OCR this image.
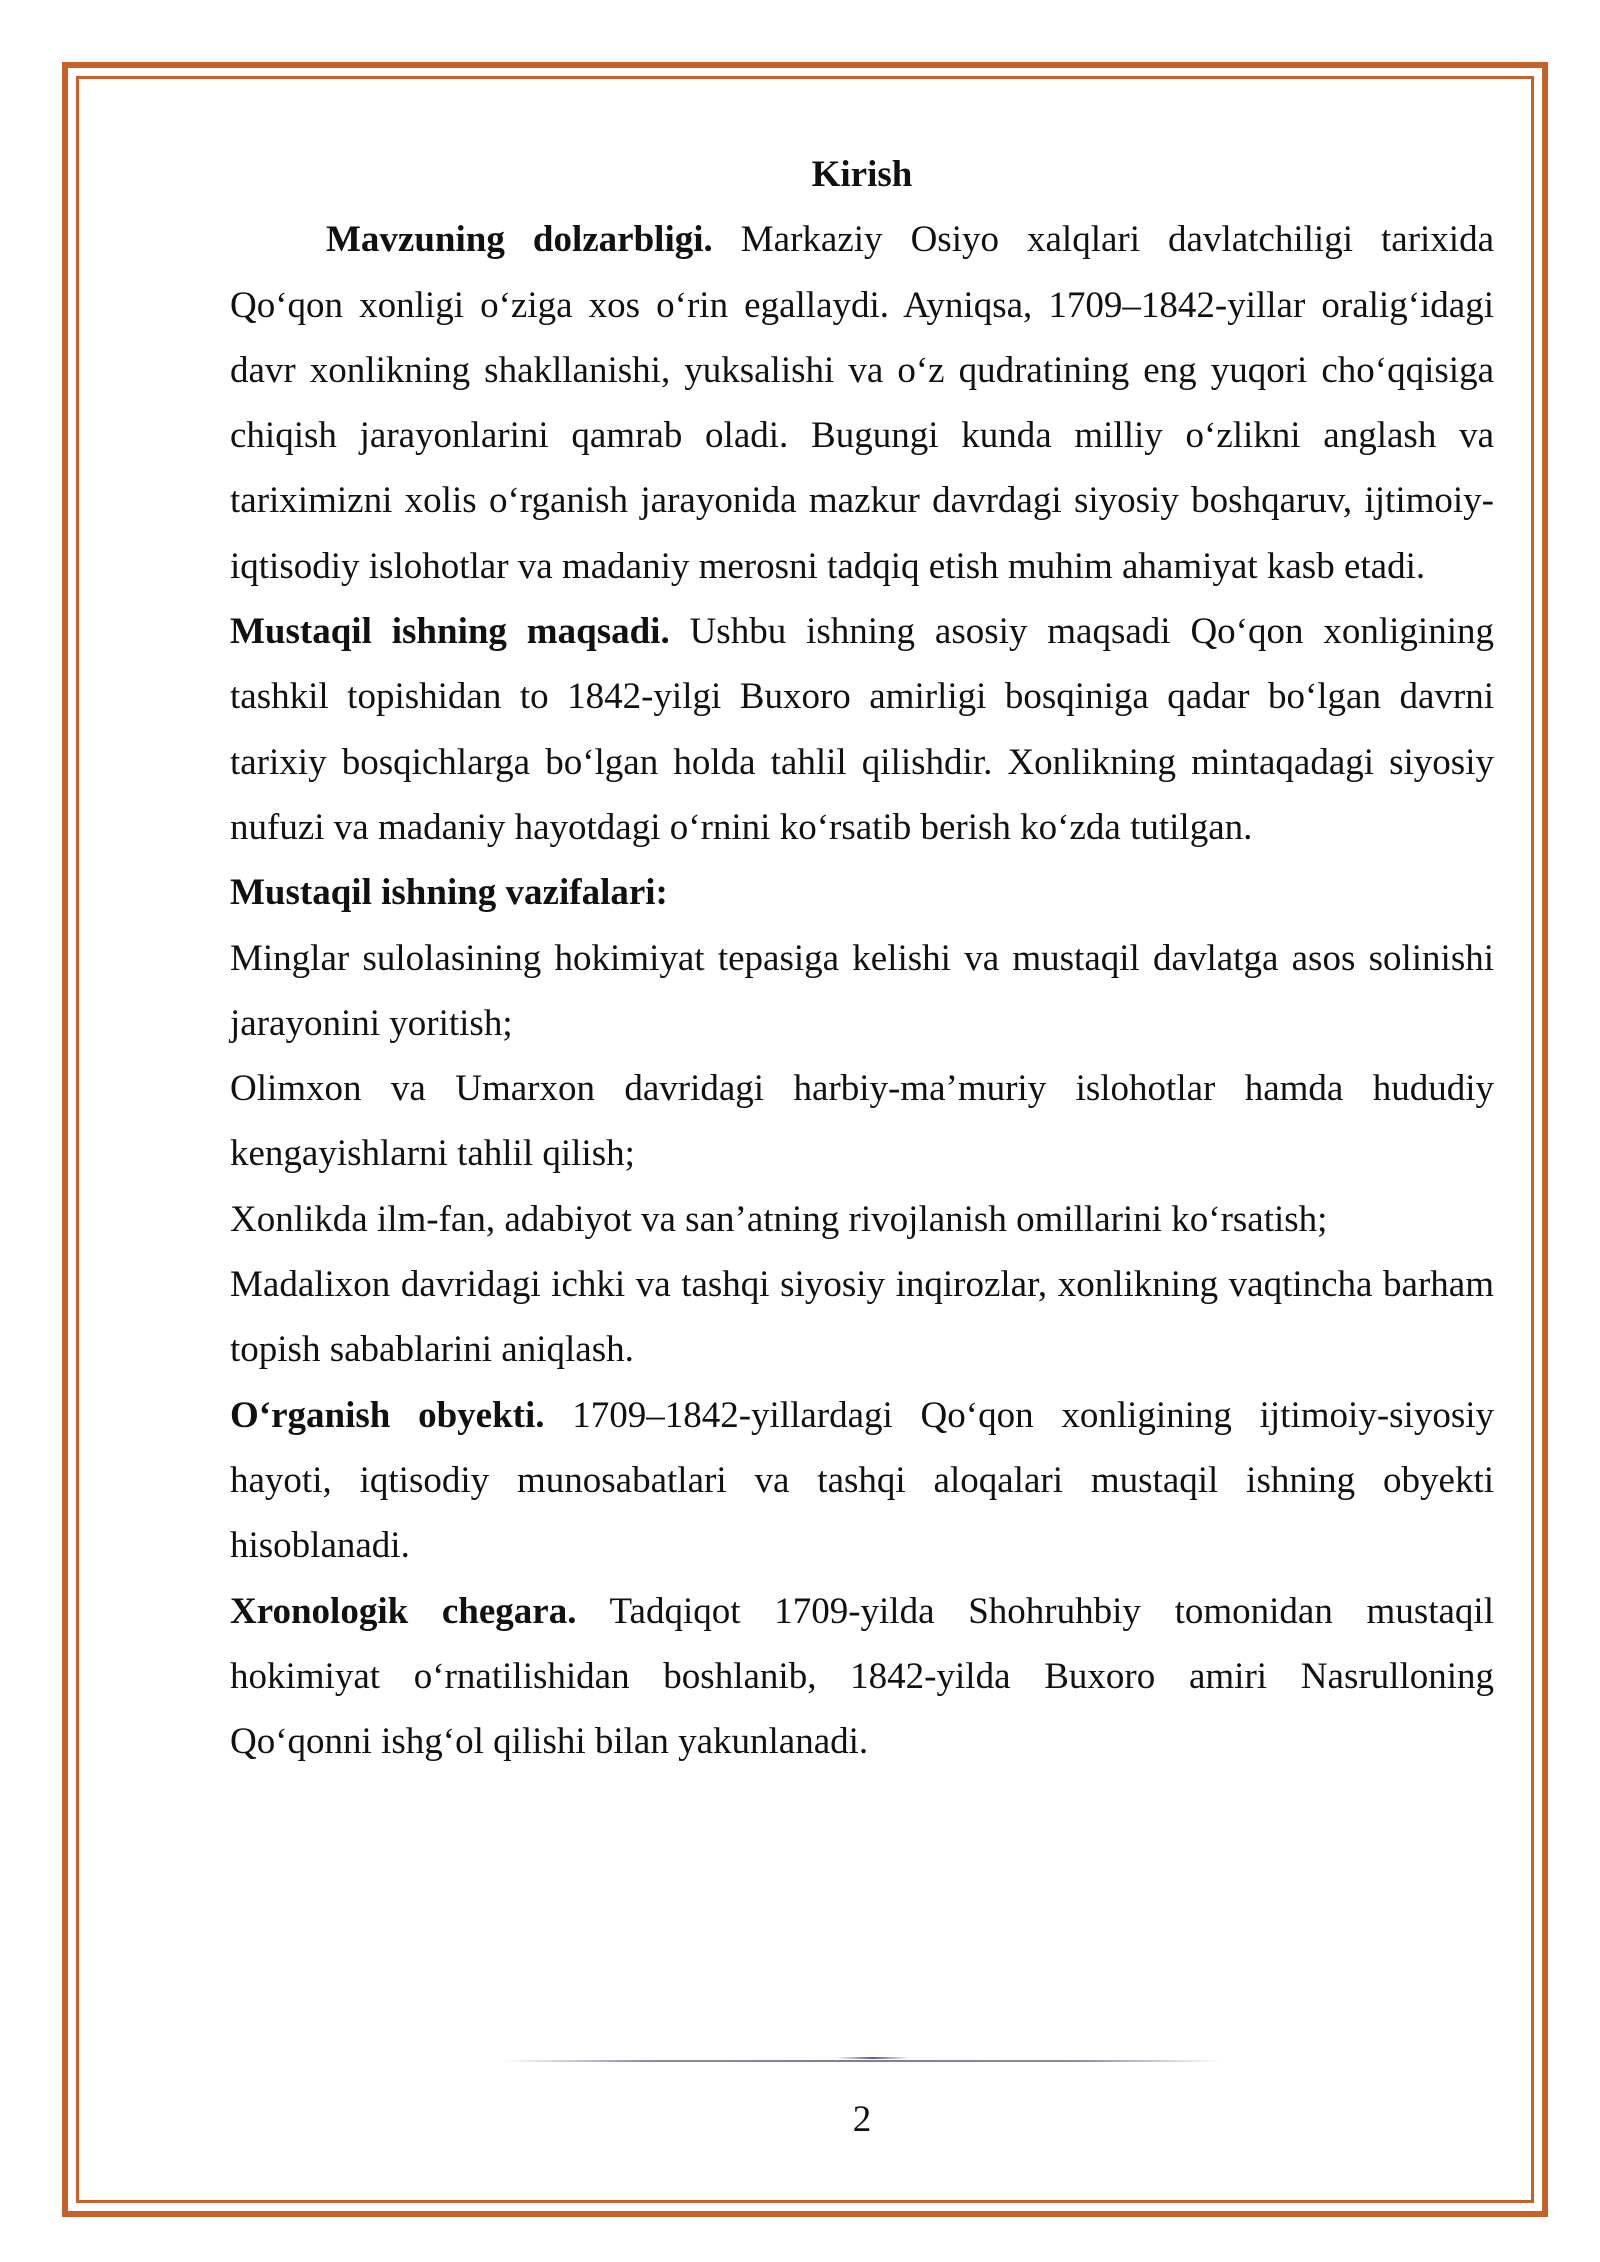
Kirish
Mavzuning dolzarbligi. Markaziy Osiyo xalqlari davlatchiligi tarixida
Qo‘qon xonligi o‘ziga xos o‘rin egallaydi. Ayniqsa, 1709–1842-yillar oralig‘idagi
davr xonlikning shakllanishi, yuksalishi va o‘z qudratining eng yuqori cho‘qqisiga
chiqish jarayonlarini qamrab oladi. Bugungi kunda milliy o‘zlikni anglash va
tariximizni xolis o‘rganish jarayonida mazkur davrdagi siyosiy boshqaruv, ijtimoiy-
iqtisodiy islohotlar va madaniy merosni tadqiq etish muhim ahamiyat kasb etadi.
Mustaqil ishning maqsadi. Ushbu ishning asosiy maqsadi Qo‘qon xonligining
tashkil topishidan to 1842-yilgi Buxoro amirligi bosqiniga qadar bo‘lgan davrni
tarixiy bosqichlarga bo‘lgan holda tahlil qilishdir. Xonlikning mintaqadagi siyosiy
nufuzi va madaniy hayotdagi o‘rnini ko‘rsatib berish ko‘zda tutilgan.
Mustaqil ishning vazifalari:
Minglar sulolasining hokimiyat tepasiga kelishi va mustaqil davlatga asos solinishi
jarayonini yoritish;
Olimxon va Umarxon davridagi harbiy-ma’muriy islohotlar hamda hududiy
kengayishlarni tahlil qilish;
Xonlikda ilm-fan, adabiyot va san’atning rivojlanish omillarini ko‘rsatish;
Madalixon davridagi ichki va tashqi siyosiy inqirozlar, xonlikning vaqtincha barham
topish sabablarini aniqlash.
O‘rganish obyekti. 1709–1842-yillardagi Qo‘qon xonligining ijtimoiy-siyosiy
hayoti, iqtisodiy munosabatlari va tashqi aloqalari mustaqil ishning obyekti
hisoblanadi.
Xronologik chegara. Tadqiqot 1709-yilda Shohruhbiy tomonidan mustaqil
hokimiyat o‘rnatilishidan boshlanib, 1842-yilda Buxoro amiri Nasrulloning
Qo‘qonni ishg‘ol qilishi bilan yakunlanadi.
2
